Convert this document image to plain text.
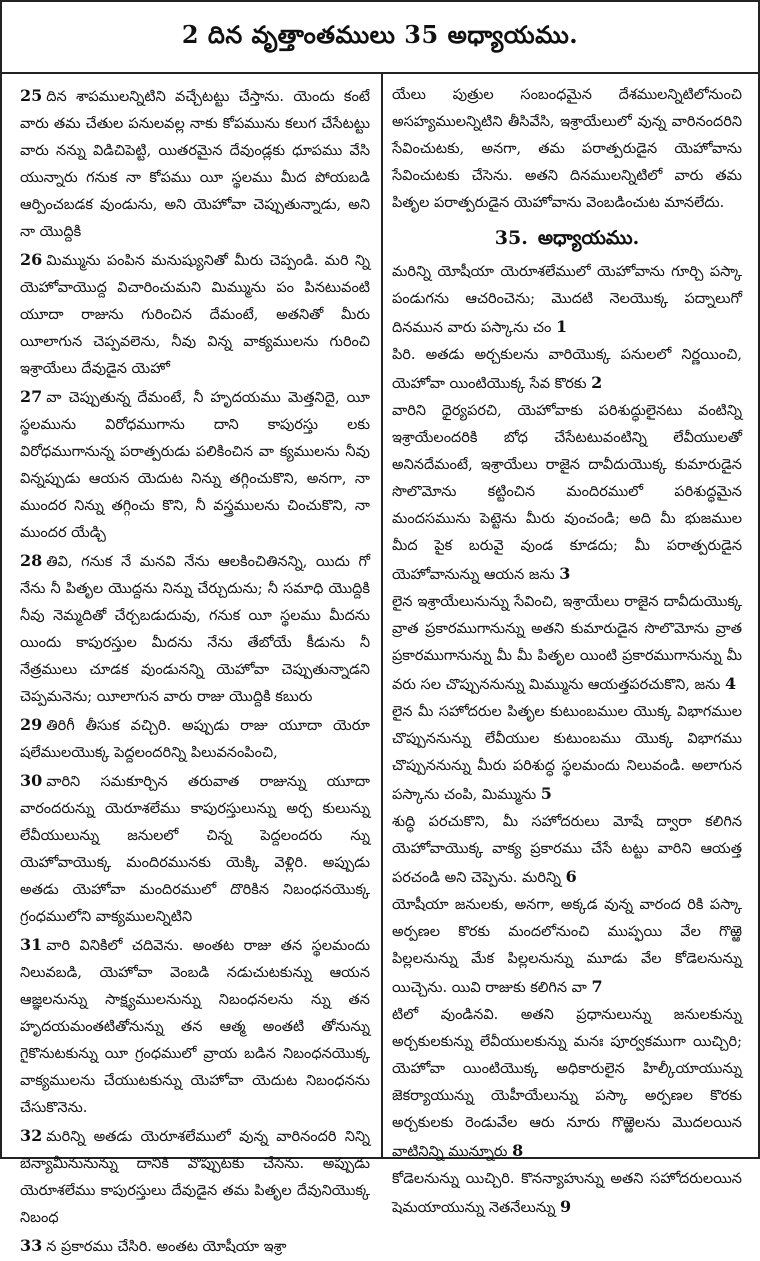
2 దిన వృత్తాంతములు 35 అధ్యాయము.

25 దిన శాపములన్నిటిని వచ్చేటట్టు చేస్తాను. యెందు కంటే వారు తమ చేతుల పనులవల్ల నాకు కోపమును కలుగ చేసేటట్టు వారు నన్ను విడిచిపెట్టి, యితరమైన దేవుండ్లకు ధూపము వేసి యున్నారు గనుక నా కోపము యీ స్థలము మీద పోయబడి ఆర్పించబడక వుండును, అని యెహోవా చెప్పుతున్నాడు, అని నా యొద్దికి

26 మిమ్మును పంపిన మనుష్యునితో మీరు చెప్పండి. మరి న్ని యెహోవాయొద్ద విచారించుమని మిమ్మును పం పినటువంటి యూదా రాజును గురించిన దేమంటే, అతనితో మీరు యీలాగున చెప్పవలెను, నీవు విన్న వాక్యములను గురించి ఇశ్రాయేలు దేవుడైన యెహో

27 వా చెప్పుతున్న దేమంటే, నీ హృదయము మెత్తనిదై, యీ స్థలమును విరోధముగాను దాని కాపురస్తు లకు విరోధముగానున్న పరాత్పరుడు పలికించిన వా క్యములను నీవు విన్నప్పుడు ఆయన యెదుట నిన్ను తగ్గించుకొని, అనగా, నా ముందర నిన్ను తగ్గించు కొని, నీ వస్త్రములను చించుకొని, నా ముందర యేడ్చి

28 తివి, గనుక నే మనవి నేను ఆలకించితినన్ని, యిదు గో నేను నీ పితృల యొద్దను నిన్ను చేర్చుదును; నీ సమాధి యొద్దికి నీవు నెమ్మదితో చేర్చబడుదువు, గనుక యీ స్థలము మీదను యిందు కాపురస్తుల మీదను నేను తేబోయే కీడును నీ నేత్రములు చూడక వుండునన్ని యెహోవా చెప్పుతున్నాడని చెప్పమనెను; యీలాగున వారు రాజు యొద్దికి కబురు

29 తిరిగీ తీసుక వచ్చిరి. అప్పుడు రాజు యూదా యెరూ షలేములయొక్క పెద్దలందరిన్ని పిలువనంపించి,

30 వారిని సమకూర్చిన తరువాత రాజున్ను యూదా వారందరున్ను యెరూశలేము కాపురస్తులున్ను అర్చ కులున్ను లేవీయులున్ను జనులలో చిన్న పెద్దలందరు న్ను యెహోవాయొక్క మందిరమునకు యెక్కి వెళ్లిరి. అప్పుడు అతడు యెహోవా మందిరములో దొరికిన నిబంధనయొక్క గ్రంధములోని వాక్యములన్నిటిని

31 వారి వినికిలో చదివెను. అంతట రాజు తన స్థలమందు నిలువబడి, యెహోవా వెంబడి నడుచుటకున్ను ఆయన ఆజ్ఞలనున్ను సాక్ష్యములనున్ను నిబంధనలను న్ను తన హృదయమంతటితోనున్ను తన ఆత్మ అంతటి తోనున్ను గైకొనుటకున్ను యీ గ్రంధములో వ్రాయ బడిన నిబంధనయొక్క వాక్యములను చేయుటకున్ను యెహోవా యెదుట నిబంధనను చేసుకొనెను.

32 మరిన్ని అతడు యెరూశలేములో వున్న వారినందరి నిన్ని బెన్యామీనునున్ను దానికి వొప్పుటకు చేసెను. అప్పుడు యెరూశలేము కాపురస్తులు దేవుడైన తమ పితృల దేవునియొక్క నిబంధ

33 న ప్రకారము చేసిరి. అంతట యోషీయా ఇశ్రా

యేలు పుత్రుల సంబంధమైన దేశములన్నిటిలోనుంచి అసహ్యములన్నిటిని తీసివేసి, ఇశ్రాయేలులో వున్న వారినందరిని సేవించుటకు, అనగా, తమ పరాత్పరుడైన యెహోవాను సేవించుటకు చేసెను. అతని దినములన్నిటిలో వారు తమ పితృల పరాత్పరుడైన యెహోవాను వెంబడించుట మానలేదు.

35. అధ్యాయము.

మరిన్ని యోషీయా యెరూశలేములో యెహోవాను గూర్చి పస్కా పండుగను ఆచరించెను; మొదటి నెలయొక్క పద్నాలుగో దినమున వారు పస్కాను చం 1

పిరి. అతడు అర్చకులను వారియొక్క పనులలో నిర్ణయించి, యెహోవా యింటియొక్క సేవ కొరకు 2

వారిని ధైర్యపరచి, యెహోవాకు పరిశుద్ధులైనటు వంటిన్ని ఇశ్రాయేలందరికి బోధ చేసేటటువంటిన్ని లేవీయులతో అనినదేమంటే, ఇశ్రాయేలు రాజైన దావీదుయొక్క కుమారుడైన సొలొమోను కట్టించిన మందిరములో పరిశుద్ధమైన మందసమును పెట్టెను మీరు వుంచండి; అది మీ భుజముల మీద పైక బరువై వుండ కూడదు; మీ పరాత్పరుడైన యెహోవానున్ను ఆయన జను 3

లైన ఇశ్రాయేలునున్ను సేవించి, ఇశ్రాయేలు రాజైన దావీదుయొక్క వ్రాత ప్రకారముగానున్ను అతని కుమారుడైన సొలొమోను వ్రాత ప్రకారముగానున్ను మీ మీ పితృల యింటి ప్రకారముగానున్ను మీ వరు సల చొప్పుననున్ను మిమ్మును ఆయత్తపరచుకొని, జను 4

లైన మీ సహోదరుల పితృల కుటుంబముల యొక్క విభాగముల చొప్పుననున్ను లేవీయుల కుటుంబము యొక్క విభాగము చొప్పుననున్ను మీరు పరిశుద్ధ స్థలమందు నిలువండి. అలాగున పస్కాను చంపి, మిమ్మును 5

శుద్ధి పరచుకొని, మీ సహోదరులు మోషే ద్వారా కలిగిన యెహోవాయొక్క వాక్య ప్రకారము చేసే టట్టు వారిని ఆయత్త పరచండి అని చెప్పెను. మరిన్ని 6

యోషీయా జనులకు, అనగా, అక్కడ వున్న వారంద రికి పస్కా అర్పణల కొరకు మందలోనుంచి ముప్ఫయి వేల గొఱ్ఱె పిల్లలనున్ను మేక పిల్లలనున్ను మూడు వేల కోడెలనున్ను యిచ్చెను. యివి రాజుకు కలిగిన వా 7

టిలో వుండినవి. అతని ప్రధానులున్ను జనులకున్ను అర్చకులకున్ను లేవీయులకున్ను మనః పూర్వకముగా యిచ్చిరి; యెహోవా యింటియొక్క అధికారులైన హిల్కీయాయున్ను జెకర్యాయున్ను యెహీయేలున్ను పస్కా అర్పణల కొరకు అర్చకులకు రెండువేల ఆరు నూరు గొఱ్ఱెలను మొదలయిన వాటినిన్ని మున్నూరు 8

కోడెలనున్ను యిచ్చిరి. కొనన్యాహున్ను అతని సహోదరులయిన షెమయాయున్ను నెతనేలున్ను 9
